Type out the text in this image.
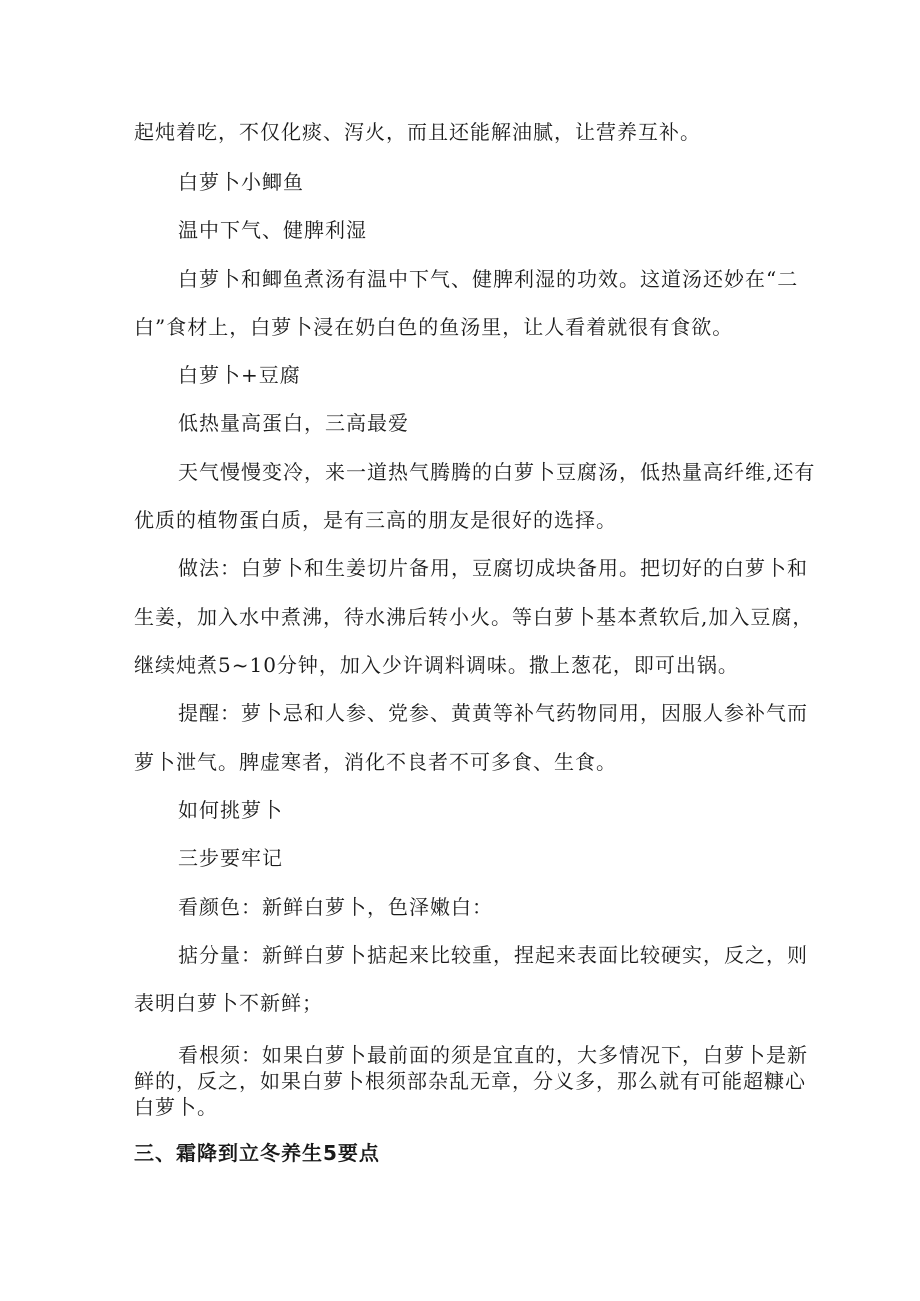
起炖着吃，不仅化痰、泻火，而且还能解油腻，让营养互补。
白萝卜小鲫鱼
温中下气、健脾利湿
白萝卜和鲫鱼煮汤有温中下气、健脾利湿的功效。这道汤还妙在“二
白”食材上，白萝卜浸在奶白色的鱼汤里，让人看着就很有食欲。
白萝卜+豆腐
低热量高蛋白，三高最爱
天气慢慢变冷，来一道热气腾腾的白萝卜豆腐汤，低热量高纤维,还有
优质的植物蛋白质，是有三高的朋友是很好的选择。
做法：白萝卜和生姜切片备用，豆腐切成块备用。把切好的白萝卜和
生姜，加入水中煮沸，待水沸后转小火。等白萝卜基本煮软后,加入豆腐，
继续炖煮5~10分钟，加入少许调料调味。撒上葱花，即可出锅。
提醒：萝卜忌和人参、党参、黄黄等补气药物同用，因服人参补气而
萝卜泄气。脾虚寒者，消化不良者不可多食、生食。
如何挑萝卜
三步要牢记
看颜色：新鲜白萝卜，色泽嫩白：
掂分量：新鲜白萝卜掂起来比较重，捏起来表面比较硬实，反之，则
表明白萝卜不新鲜；
看根须：如果白萝卜最前面的须是宜直的，大多情况下，白萝卜是新
鲜的，反之，如果白萝卜根须部杂乱无章，分义多，那么就有可能超糠心
白萝卜。
三、霜降到立冬养生5要点
